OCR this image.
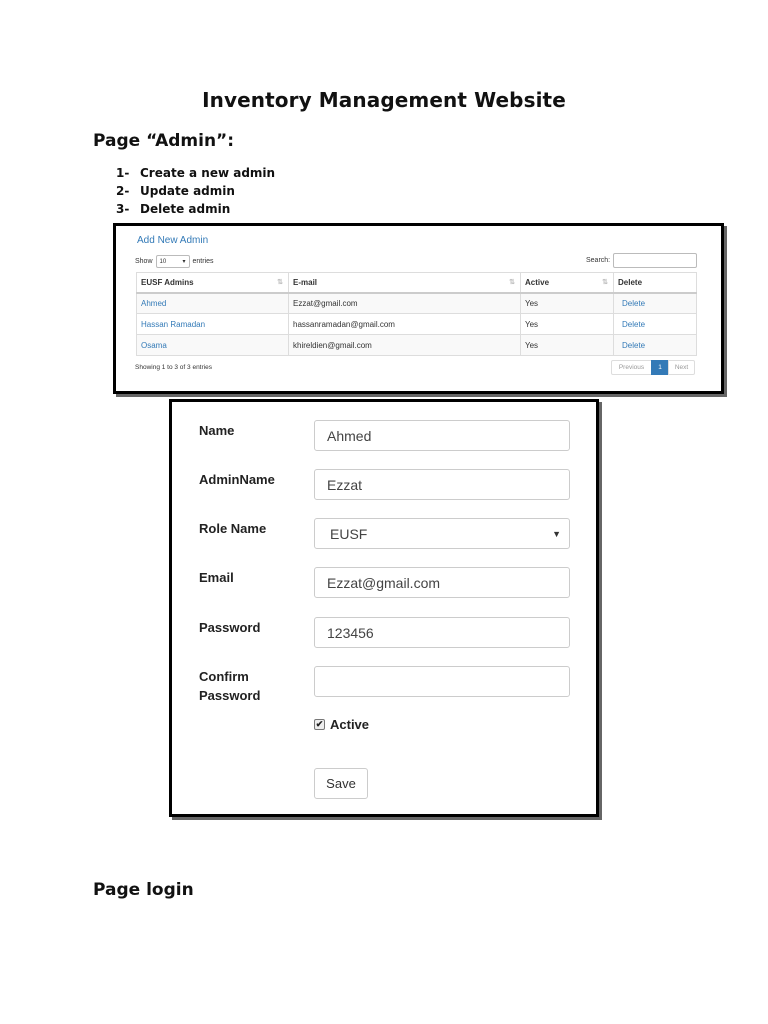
Inventory Management Website
Page “Admin”:
1- Create a new admin
2- Update admin
3- Delete admin
Add New Admin
Show 10	▾ entries	Search:
EUSF Admins ⇅	E-mail ⇅	Active ⇅	Delete
Ahmed	Ezzat@gmail.com	Yes	Delete
Hassan Ramadan	hassanramadan@gmail.com	Yes	Delete
Osama	khireldien@gmail.com	Yes	Delete
Showing 1 to 3 of 3 entries	Previous	1	Next
Name	Ahmed
AdminName	Ezzat
Role Name	EUSF	▼
Email	Ezzat@gmail.com
Password	123456
Confirm
Password
✔ Active
Save
Page login
